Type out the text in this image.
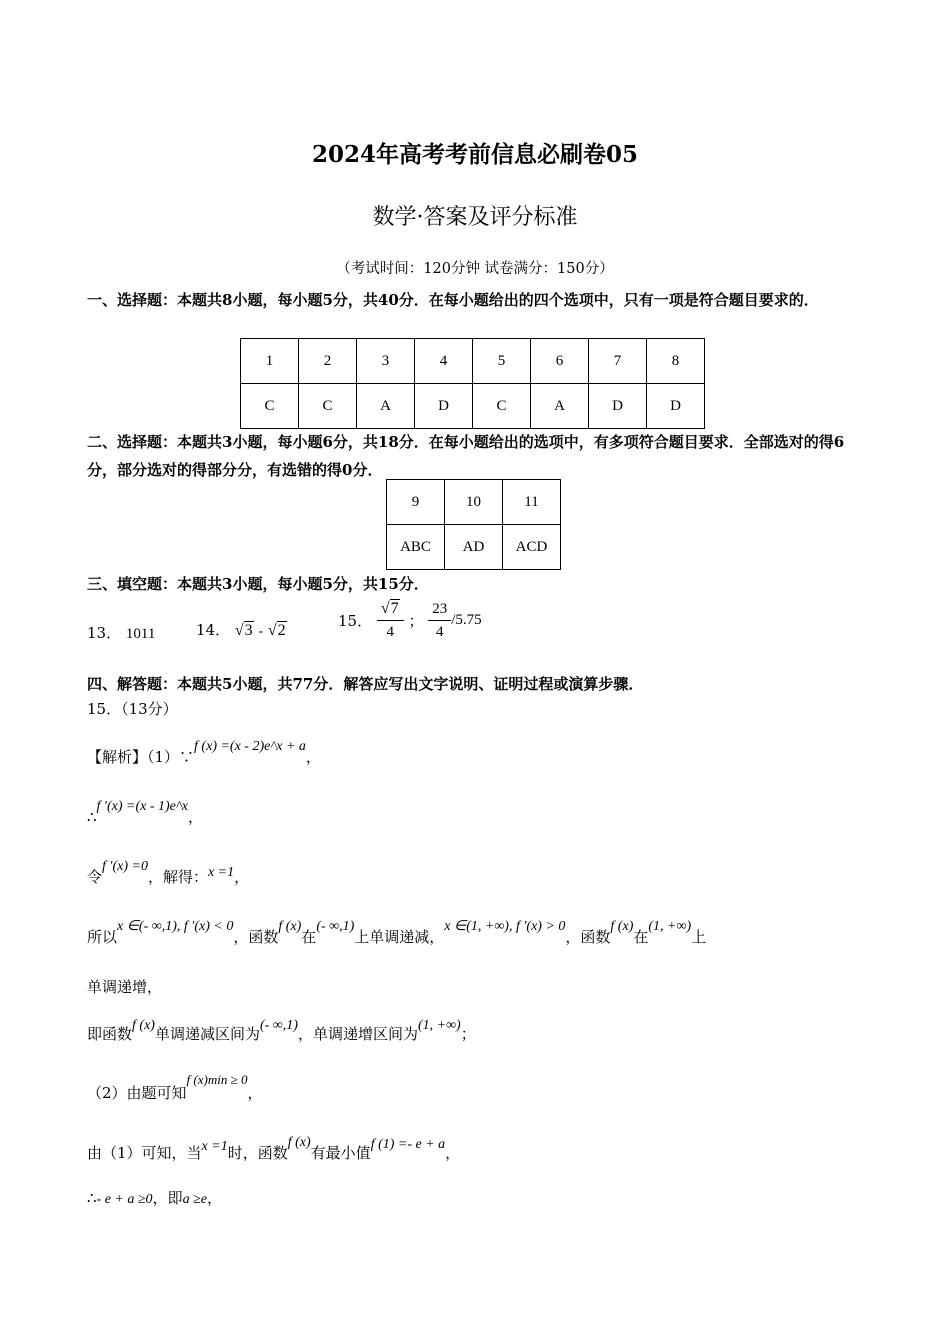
2024年高考考前信息必刷卷05
数学·答案及评分标准
（考试时间：120分钟 试卷满分：150分）
一、选择题：本题共8小题，每小题5分，共40分．在每小题给出的四个选项中，只有一项是符合题目要求的．
1	2	3	4	5	6	7	8
C	C	A	D	C	A	D	D
二、选择题：本题共3小题，每小题6分，共18分．在每小题给出的选项中，有多项符合题目要求．全部选对的得6分，部分选对的得部分分，有选错的得0分．
9	10	11
ABC	AD	ACD
三、填空题：本题共3小题，每小题5分，共15分．
13． 1011	14． √3 - √2
15． $\frac{√7}{4}$ ； $\frac{23}{4} /5.75$
四、解答题：本题共5小题，共77分．解答应写出文字说明、证明过程或演算步骤．
15．（13分）
【解析】（1）∵f (x) =(x - 2)e^x + a，
∴f ′(x) =(x - 1)e^x，
令f ′(x) =0，解得：x =1，
所以x ∈(- ∞,1), f ′(x) < 0，函数f (x)在(- ∞,1)上单调递减，x ∈(1, +∞), f ′(x) > 0，函数f (x)在(1, +∞)上
单调递增，
即函数f (x)单调递减区间为(- ∞,1)，单调递增区间为(1, +∞)；
（2）由题可知f (x)min ≥ 0，
由（1）可知，当x =1时，函数f (x)有最小值f (1) =- e + a，
∴- e + a ≥0，即a ≥e，
